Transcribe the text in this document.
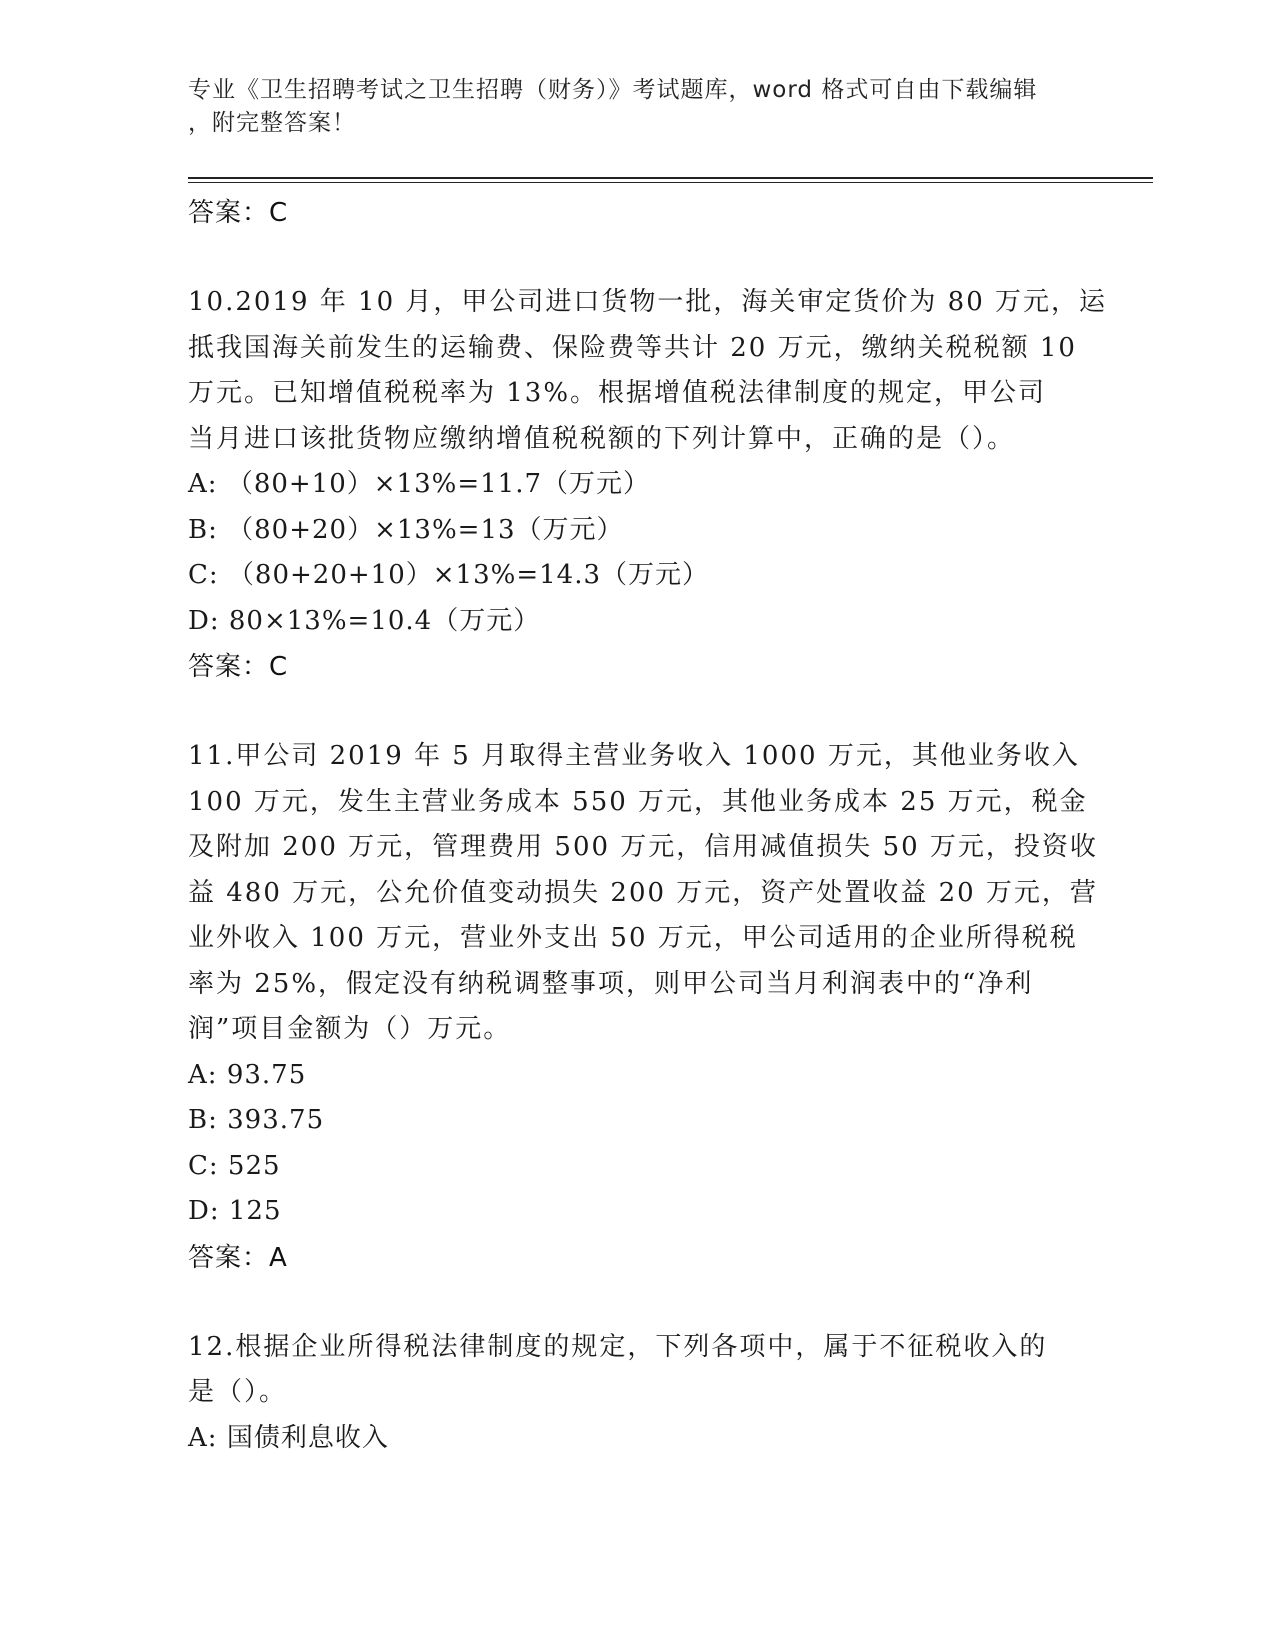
专业《卫生招聘考试之卫生招聘（财务）》考试题库，word 格式可自由下载编辑
，附完整答案！
答案：C
10.2019 年 10 月，甲公司进口货物一批，海关审定货价为 80 万元，运
抵我国海关前发生的运输费、保险费等共计 20 万元，缴纳关税税额 10
万元。已知增值税税率为 13%。根据增值税法律制度的规定，甲公司
当月进口该批货物应缴纳增值税税额的下列计算中，正确的是（）。
A: （80+10）×13%=11.7（万元）
B: （80+20）×13%=13（万元）
C: （80+20+10）×13%=14.3（万元）
D: 80×13%=10.4（万元）
答案：C
11.甲公司 2019 年 5 月取得主营业务收入 1000 万元，其他业务收入
100 万元，发生主营业务成本 550 万元，其他业务成本 25 万元，税金
及附加 200 万元，管理费用 500 万元，信用减值损失 50 万元，投资收
益 480 万元，公允价值变动损失 200 万元，资产处置收益 20 万元，营
业外收入 100 万元，营业外支出 50 万元，甲公司适用的企业所得税税
率为 25%，假定没有纳税调整事项，则甲公司当月利润表中的“净利
润”项目金额为（）万元。
A: 93.75
B: 393.75
C: 525
D: 125
答案：A
12.根据企业所得税法律制度的规定，下列各项中，属于不征税收入的
是（）。
A: 国债利息收入
